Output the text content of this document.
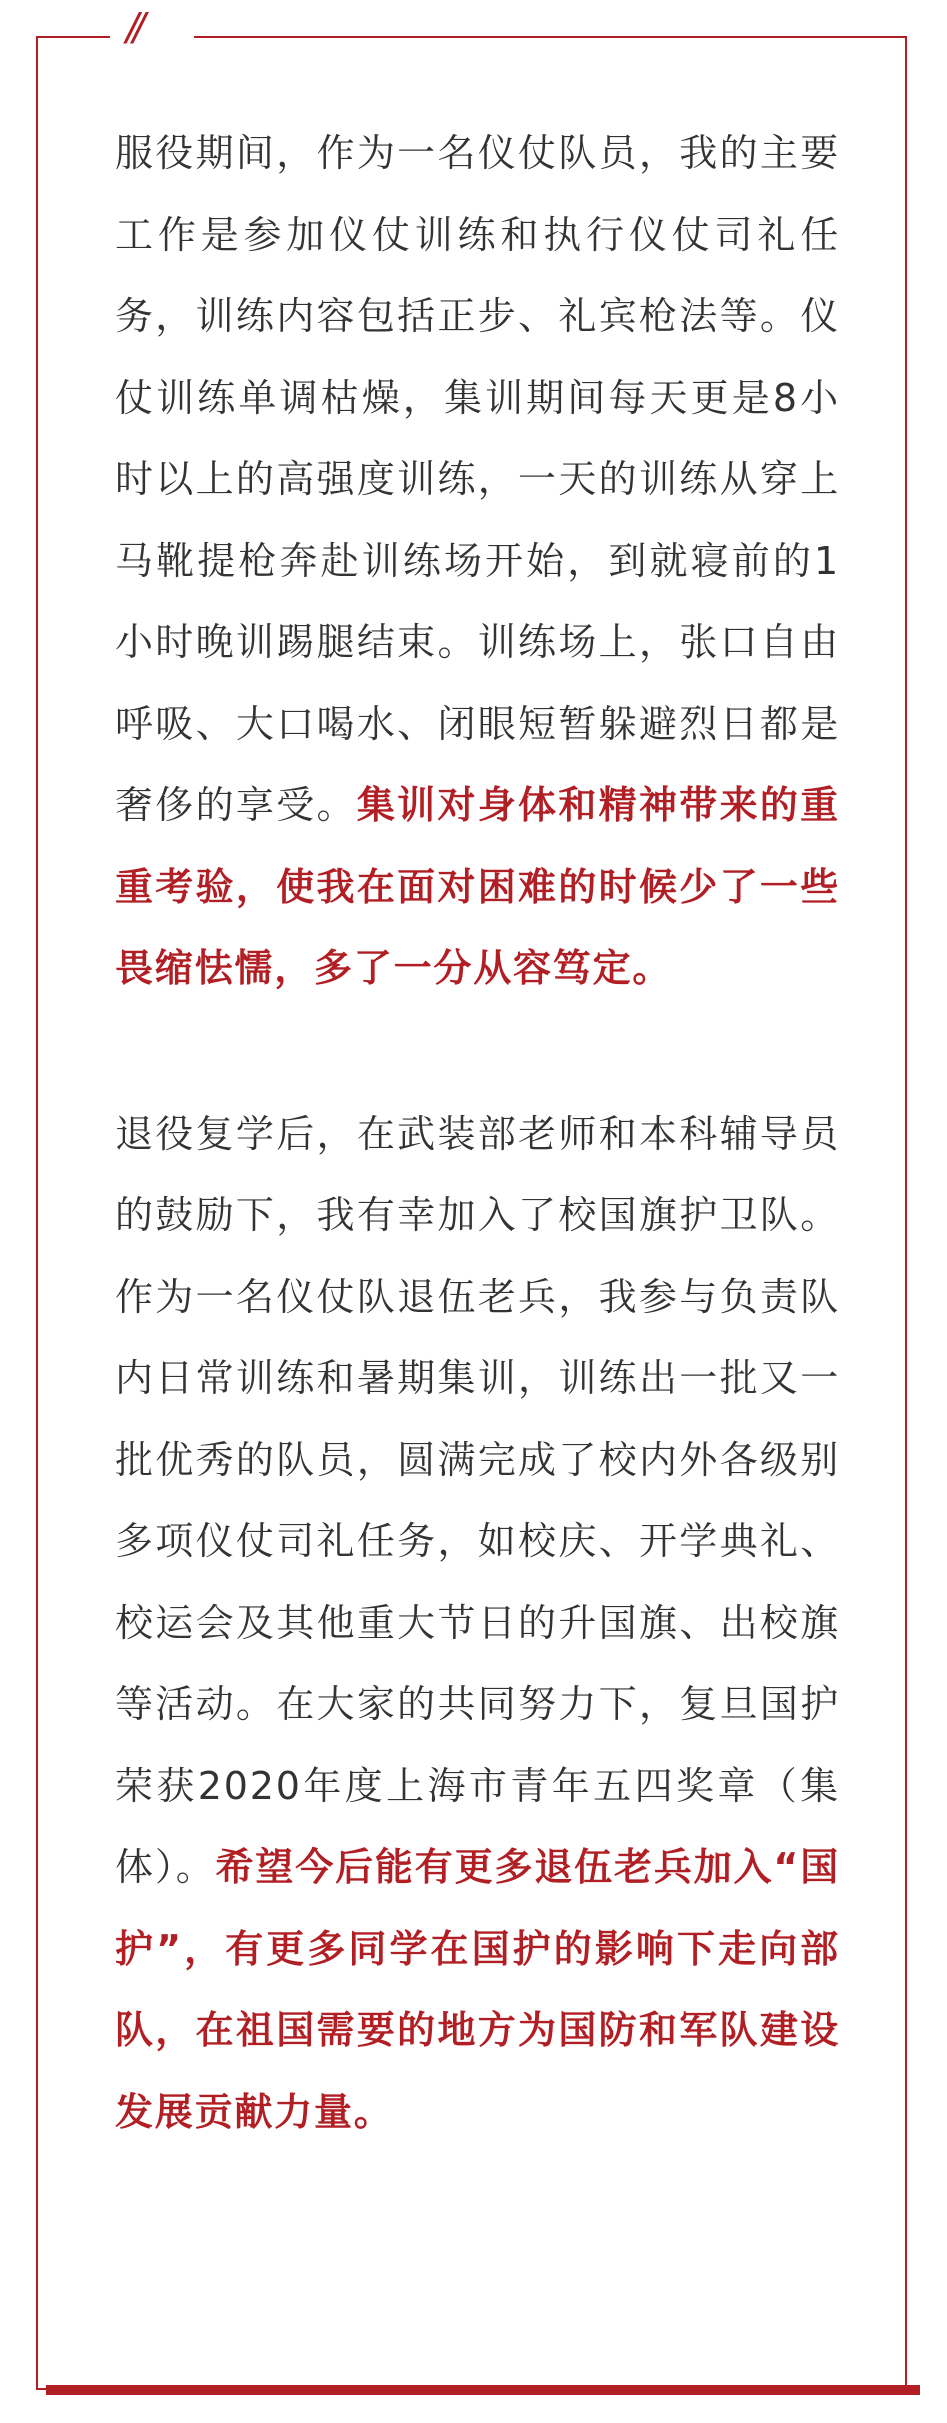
//

服役期间，作为一名仪仗队员，我的主要工作是参加仪仗训练和执行仪仗司礼任务，训练内容包括正步、礼宾枪法等。仪仗训练单调枯燥，集训期间每天更是8小时以上的高强度训练，一天的训练从穿上马靴提枪奔赴训练场开始，到就寝前的1小时晚训踢腿结束。训练场上，张口自由呼吸、大口喝水、闭眼短暂躲避烈日都是奢侈的享受。集训对身体和精神带来的重重考验，使我在面对困难的时候少了一些畏缩怯懦，多了一分从容笃定。

退役复学后，在武装部老师和本科辅导员的鼓励下，我有幸加入了校国旗护卫队。作为一名仪仗队退伍老兵，我参与负责队内日常训练和暑期集训，训练出一批又一批优秀的队员，圆满完成了校内外各级别多项仪仗司礼任务，如校庆、开学典礼、校运会及其他重大节日的升国旗、出校旗等活动。在大家的共同努力下，复旦国护荣获2020年度上海市青年五四奖章（集体）。希望今后能有更多退伍老兵加入“国护”，有更多同学在国护的影响下走向部队，在祖国需要的地方为国防和军队建设发展贡献力量。
